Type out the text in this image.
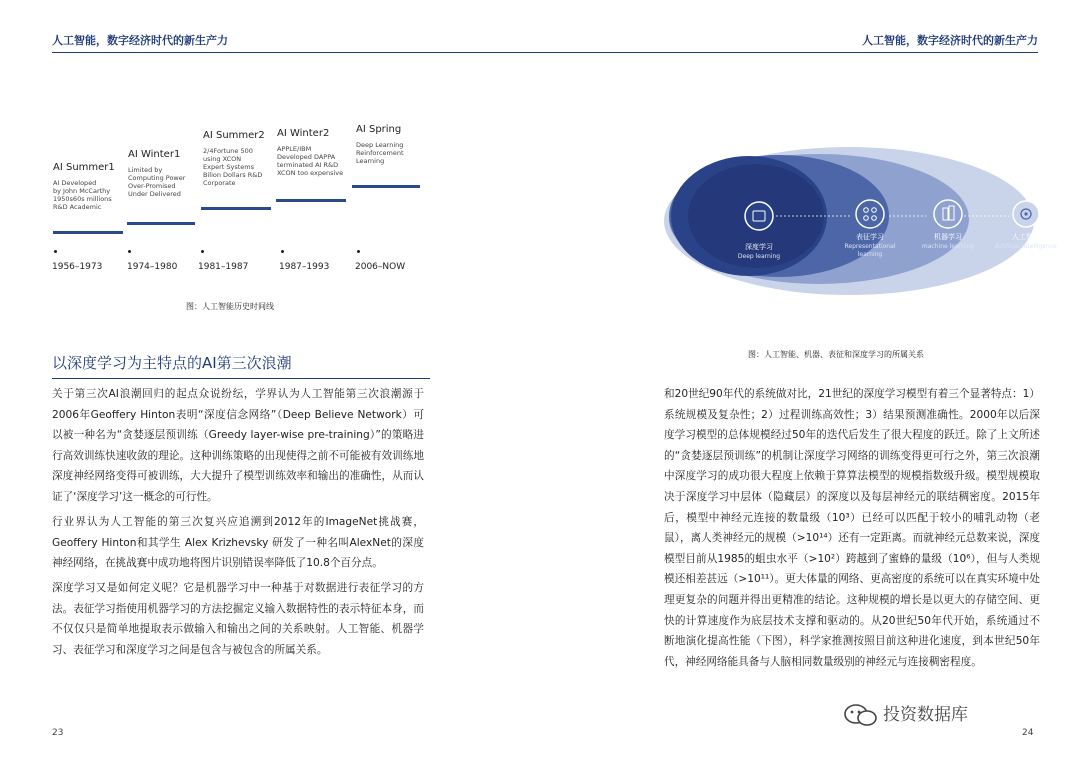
人工智能，数字经济时代的新生产力
AI Summer1
AI Developed
by John McCarthy
1950s60s millions
R&D Academic
AI Winter1
Limited by
Computing Power
Over-Promised
Under Delivered
AI Summer2
2/4Fortune 500
using XCON
Expert Systems
Bilion Dollars R&D
Corporate
AI Winter2
APPLE/IBM
Developed DAPPA
terminated AI R&D
XCON too expensive
AI Spring
Deep Learning
Reinforcement
Learning
1956–1973	1974–1980 1981–1987	1987–1993	2006–NOW
图：人工智能历史时间线
以深度学习为主特点的AI第三次浪潮

关于第三次AI浪潮回归的起点众说纷纭，学界认为人工智能第三次浪潮源于2006年Geoffery Hinton表明“深度信念网络”（Deep Believe Network）可以被一种名为“贪婪逐层预训练（Greedy layer-wise pre-training）”的策略进行高效训练快速收敛的理论。这种训练策略的出现使得之前不可能被有效训练地深度神经网络变得可被训练，大大提升了模型训练效率和输出的准确性，从而认证了‘深度学习’这一概念的可行性。

行业界认为人工智能的第三次复兴应追溯到2012年的ImageNet挑战赛，Geoffery Hinton和其学生 Alex Krizhevsky 研发了一种名叫AlexNet的深度神经网络，在挑战赛中成功地将图片识别错误率降低了10.8个百分点。

深度学习又是如何定义呢？它是机器学习中一种基于对数据进行表征学习的方法。表征学习指使用机器学习的方法挖掘定义输入数据特性的表示特征本身，而不仅仅只是简单地提取表示做输入和输出之间的关系映射。人工智能、机器学习、表征学习和深度学习之间是包含与被包含的所属关系。

23
人工智能，数字经济时代的新生产力
深度学习
Deep learning
表征学习
Representational
learning
机器学习
machine learning
人工智能
Artificial intelligence
图：人工智能、机器、表征和深度学习的所属关系

和20世纪90年代的系统做对比，21世纪的深度学习模型有着三个显著特点：1）系统规模及复杂性；2）过程训练高效性；3）结果预测准确性。2000年以后深度学习模型的总体规模经过50年的迭代后发生了很大程度的跃迁。除了上文所述的“贪婪逐层预训练”的机制让深度学习网络的训练变得更可行之外，第三次浪潮中深度学习的成功很大程度上依赖于算算法模型的规模指数级升级。模型规模取决于深度学习中层体（隐藏层）的深度以及每层神经元的联结稠密度。2015年后，模型中神经元连接的数量级（10³）已经可以匹配于较小的哺乳动物（老鼠），离人类神经元的规模（>10¹⁴）还有一定距离。而就神经元总数来说，深度模型目前从1985的蛆虫水平（>10²）跨越到了蜜蜂的量级（10⁶），但与人类规模还相差甚远（>10¹¹）。更大体量的网络、更高密度的系统可以在真实环境中处理更复杂的问题并得出更精准的结论。这种规模的增长是以更大的存储空间、更快的计算速度作为底层技术支撑和驱动的。从20世纪50年代开始，系统通过不断地演化提高性能（下图），科学家推测按照目前这种进化速度，到本世纪50年代，神经网络能具备与人脑相同数量级别的神经元与连接稠密程度。

投资数据库
24
